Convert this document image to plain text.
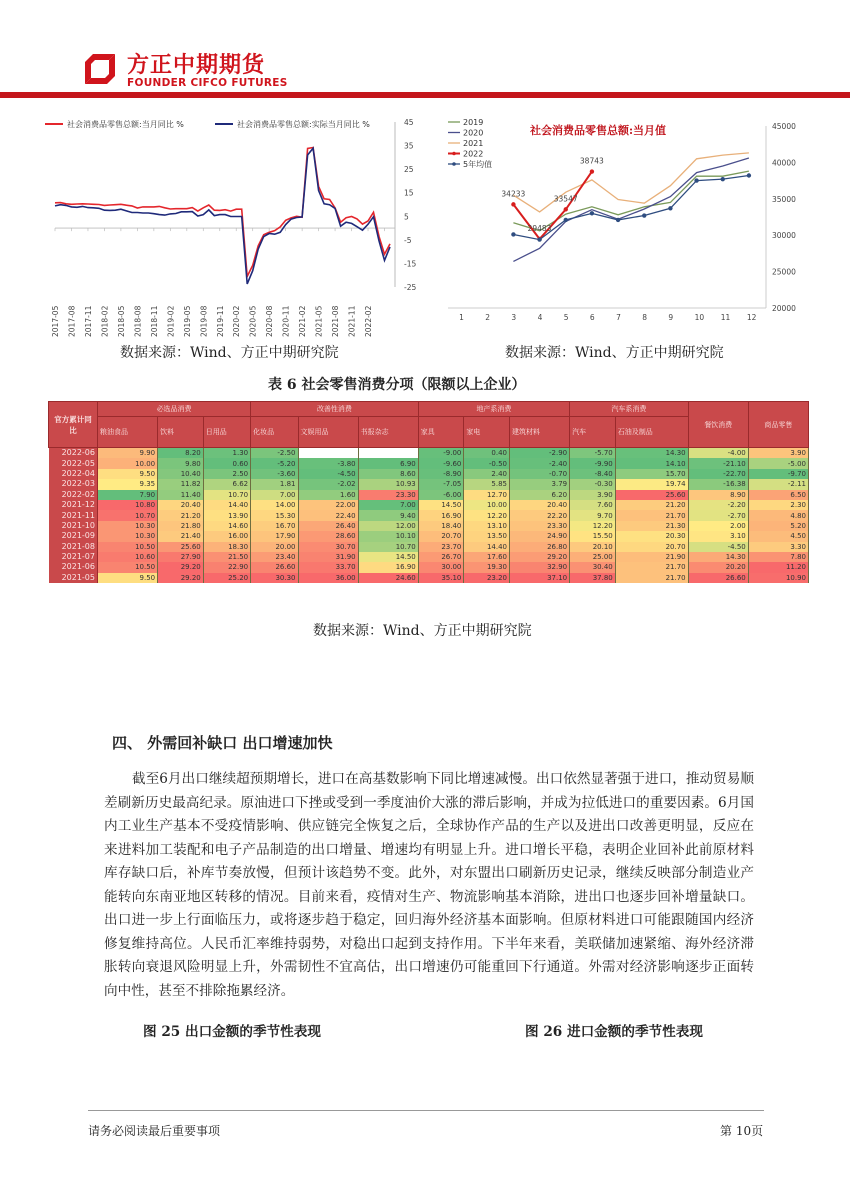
方正中期期货
FOUNDER CIFCO FUTURES
45
35
25
15
5
-5
-15
-25
2017-05 2017-08 2017-11 2018-02 2018-05 2018-08 2018-11 2019-02 2019-05 2019-08 2019-11 2020-02 2020-05 2020-08 2020-11 2021-02 2021-05 2021-08 2021-11 2022-02
社会消费品零售总额:当月同比 %	社会消费品零售总额:实际当月同比 %	45000
40000
35000
30000
25000
20000
1	2	3	4	5	6	7	8	9	10 11 12
社会消费品零售总额:当月值
34233
29483
33547
38743
2019
2020
2021
2022
5年均值
数据来源：Wind、方正中期研究院	数据来源：Wind、方正中期研究院
表 6 社会零售消费分项（限额以上企业）
官方累计同比	必选品消费			改善性消费			地产系消费			汽车系消费		餐饮消费	商品零售
	粮油食品	饮料	日用品	化妆品	文娱用品	书报杂志	家具	家电	建筑材料	汽车	石油及制品		
2022-06	9.90	8.20	1.30	-2.50			-9.00	0.40	-2.90	-5.70	14.30	-4.00	3.90
2022-05	10.00	9.80	0.60	-5.20	-3.80	6.90	-9.60	-0.50	-2.40	-9.90	14.10	-21.10	-5.00
2022-04	9.50	10.40	2.50	-3.60	-4.50	8.60	-8.90	2.40	-0.70	-8.40	15.70	-22.70	-9.70
2022-03	9.35	11.82	6.62	1.81	-2.02	10.93	-7.05	5.85	3.79	-0.30	19.74	-16.38	-2.11
2022-02	7.90	11.40	10.70	7.00	1.60	23.30	-6.00	12.70	6.20	3.90	25.60	8.90	6.50
2021-12	10.80	20.40	14.40	14.00	22.00	7.00	14.50	10.00	20.40	7.60	21.20	-2.20	2.30
2021-11	10.70	21.20	13.90	15.30	22.40	9.40	16.90	12.20	22.20	9.70	21.70	-2.70	4.80
2021-10	10.30	21.80	14.60	16.70	26.40	12.00	18.40	13.10	23.30	12.20	21.30	2.00	5.20
2021-09	10.30	21.40	16.00	17.90	28.60	10.10	20.70	13.50	24.90	15.50	20.30	3.10	4.50
2021-08	10.50	25.60	18.30	20.00	30.70	10.70	23.70	14.40	26.80	20.10	20.70	-4.50	3.30
2021-07	10.60	27.90	21.50	23.40	31.90	14.50	26.70	17.60	29.20	25.00	21.90	14.30	7.80
2021-06	10.50	29.20	22.90	26.60	33.70	16.90	30.00	19.30	32.90	30.40	21.70	20.20	11.20
2021-05	9.50	29.20	25.20	30.30	36.00	24.60	35.10	23.20	37.10	37.80	21.70	26.60	10.90
数据来源：Wind、方正中期研究院
四、 外需回补缺口 出口增速加快
截至6月出口继续超预期增长，进口在高基数影响下同比增速减慢。出口依然显著强于进口，推动贸易顺差刷新历史最高纪录。原油进口下挫或受到一季度油价大涨的滞后影响，并成为拉低进口的重要因素。6月国内工业生产基本不受疫情影响、供应链完全恢复之后，全球协作产品的生产以及进出口改善更明显，反应在来进料加工装配和电子产品制造的出口增量、增速均有明显上升。进口增长平稳，表明企业回补此前原材料库存缺口后，补库节奏放慢，但预计该趋势不变。此外，对东盟出口刷新历史记录，继续反映部分制造业产能转向东南亚地区转移的情况。目前来看，疫情对生产、物流影响基本消除，进出口也逐步回补增量缺口。出口进一步上行面临压力，或将逐步趋于稳定，回归海外经济基本面影响。但原材料进口可能跟随国内经济修复维持高位。人民币汇率维持弱势，对稳出口起到支持作用。下半年来看，美联储加速紧缩、海外经济滞胀转向衰退风险明显上升，外需韧性不宜高估，出口增速仍可能重回下行通道。外需对经济影响逐步正面转向中性，甚至不排除拖累经济。
图 25 出口金额的季节性表现	图 26 进口金额的季节性表现
请务必阅读最后重要事项	第 10页
